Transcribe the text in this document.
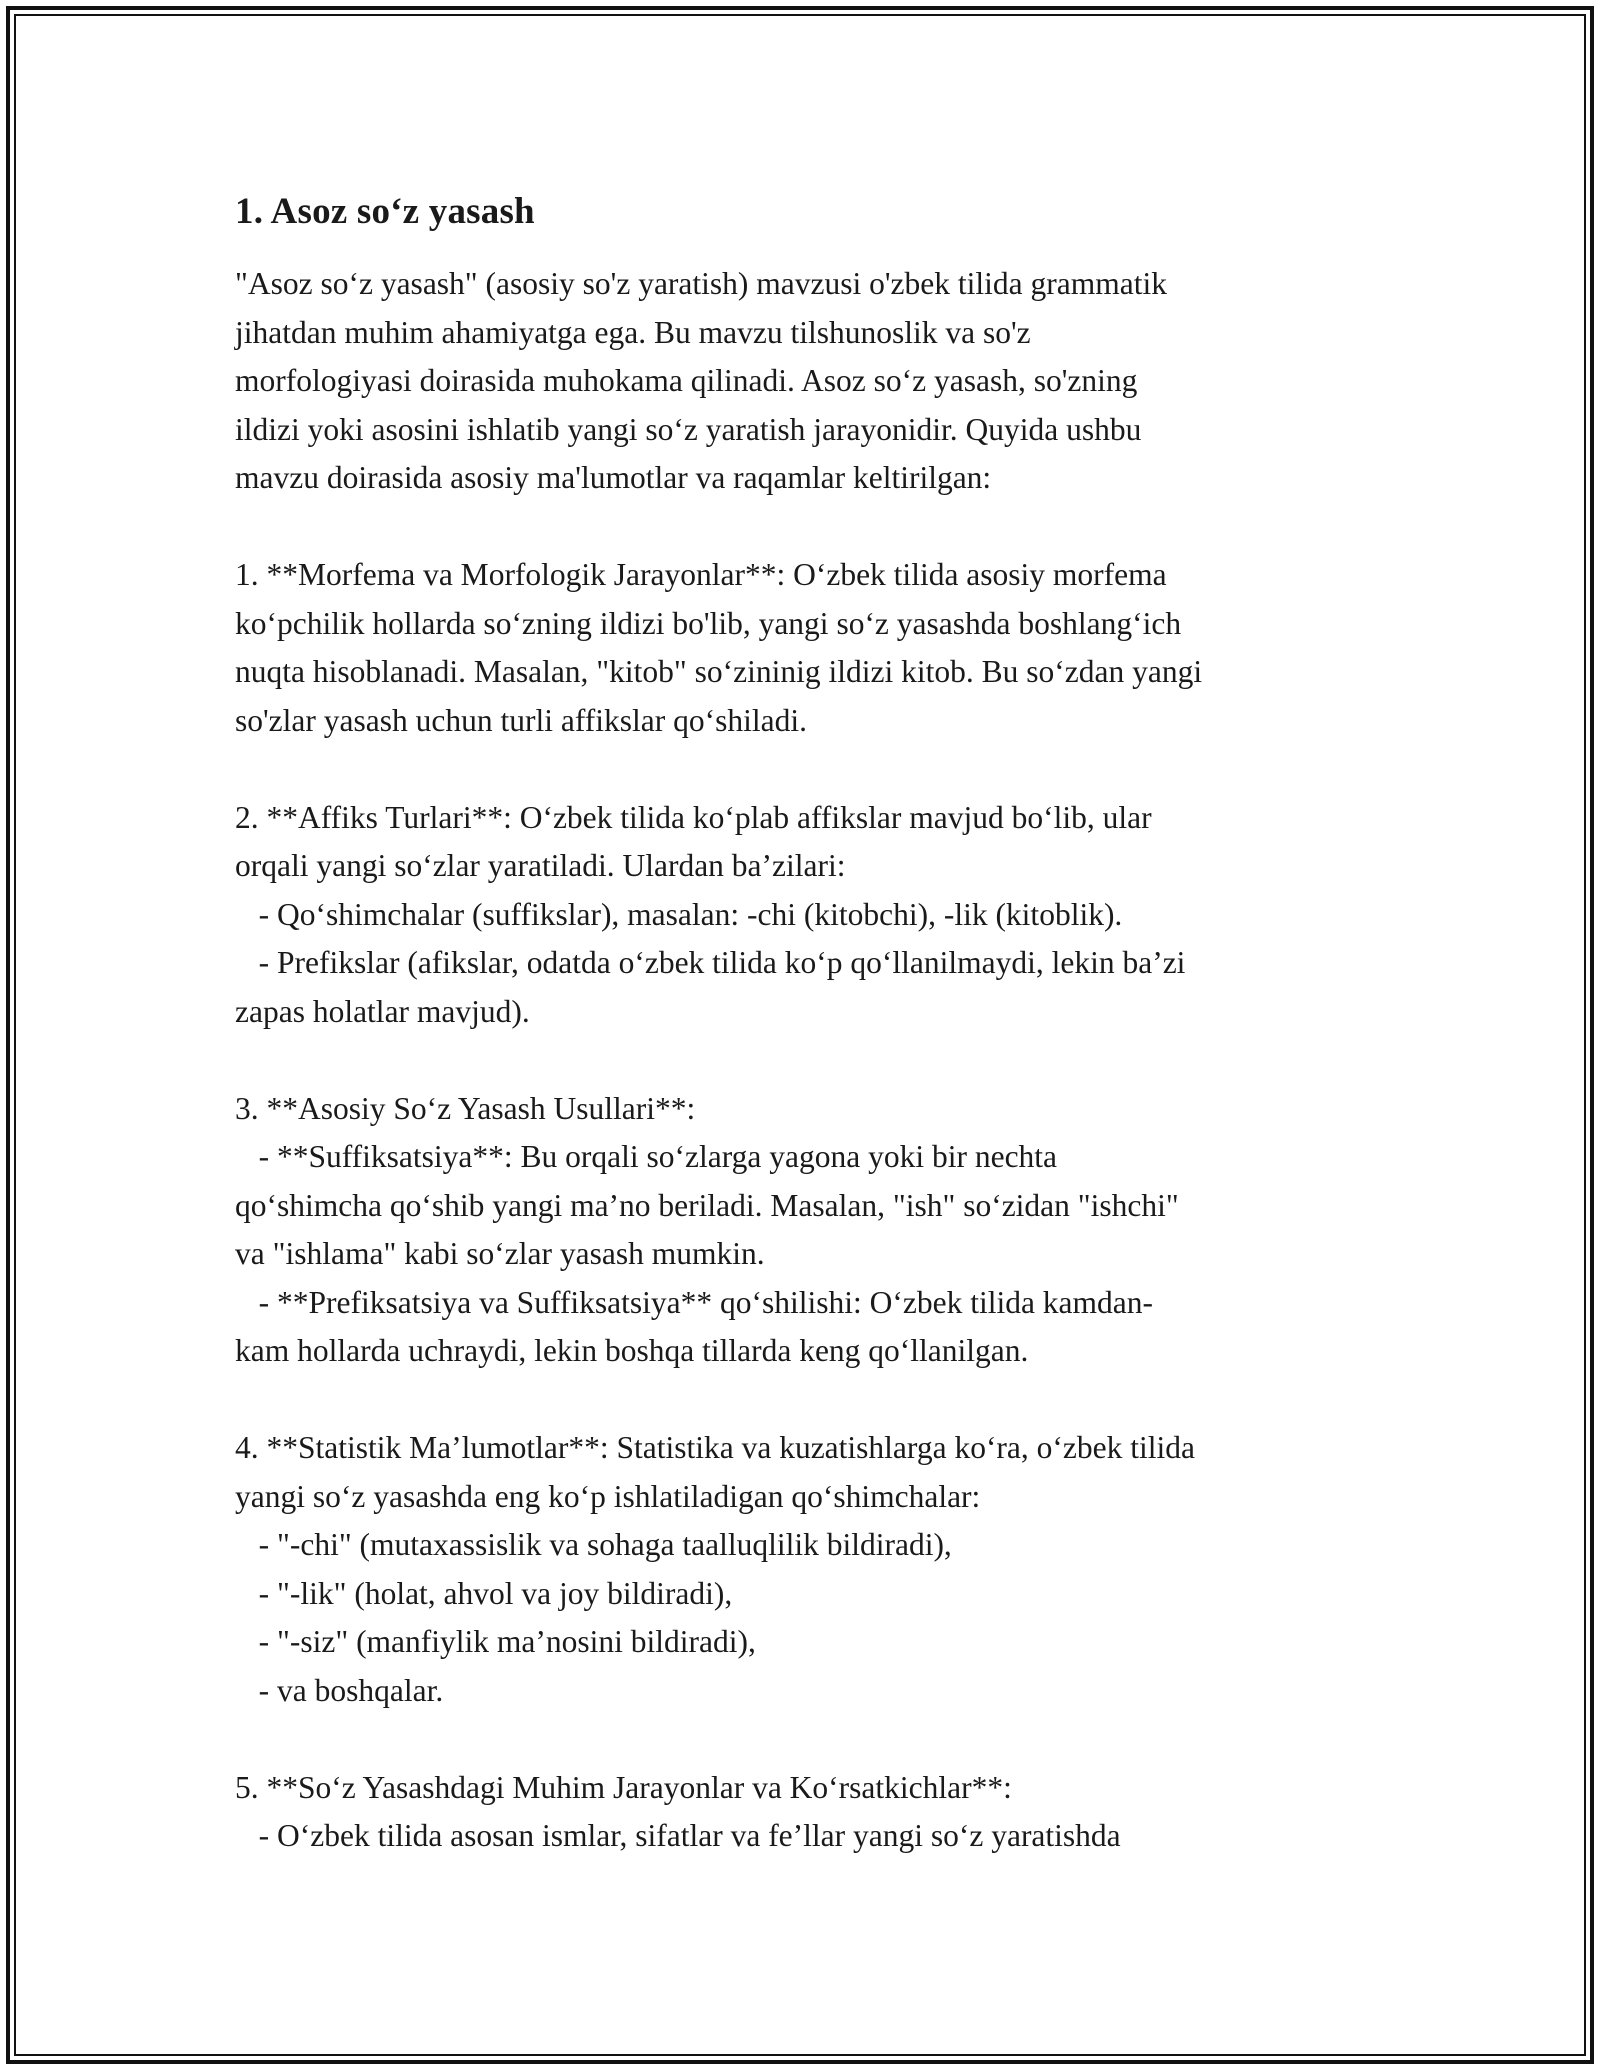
1. Asoz so‘z yasash
"Asoz so‘z yasash" (asosiy so'z yaratish) mavzusi o'zbek tilida grammatik
jihatdan muhim ahamiyatga ega. Bu mavzu tilshunoslik va so'z
morfologiyasi doirasida muhokama qilinadi. Asoz so‘z yasash, so'zning
ildizi yoki asosini ishlatib yangi so‘z yaratish jarayonidir. Quyida ushbu
mavzu doirasida asosiy ma'lumotlar va raqamlar keltirilgan:
1. **Morfema va Morfologik Jarayonlar**: O‘zbek tilida asosiy morfema
ko‘pchilik hollarda so‘zning ildizi bo'lib, yangi so‘z yasashda boshlang‘ich
nuqta hisoblanadi. Masalan, "kitob" so‘zininig ildizi kitob. Bu so‘zdan yangi
so'zlar yasash uchun turli affikslar qo‘shiladi.
2. **Affiks Turlari**: O‘zbek tilida ko‘plab affikslar mavjud bo‘lib, ular
orqali yangi so‘zlar yaratiladi. Ulardan ba’zilari:
- Qo‘shimchalar (suffikslar), masalan: -chi (kitobchi), -lik (kitoblik).
- Prefikslar (afikslar, odatda o‘zbek tilida ko‘p qo‘llanilmaydi, lekin ba’zi
zapas holatlar mavjud).
3. **Asosiy So‘z Yasash Usullari**:
- **Suffiksatsiya**: Bu orqali so‘zlarga yagona yoki bir nechta
qo‘shimcha qo‘shib yangi ma’no beriladi. Masalan, "ish" so‘zidan "ishchi"
va "ishlama" kabi so‘zlar yasash mumkin.
- **Prefiksatsiya va Suffiksatsiya** qo‘shilishi: O‘zbek tilida kamdan-
kam hollarda uchraydi, lekin boshqa tillarda keng qo‘llanilgan.
4. **Statistik Ma’lumotlar**: Statistika va kuzatishlarga ko‘ra, o‘zbek tilida
yangi so‘z yasashda eng ko‘p ishlatiladigan qo‘shimchalar:
- "-chi" (mutaxassislik va sohaga taalluqlilik bildiradi),
- "-lik" (holat, ahvol va joy bildiradi),
- "-siz" (manfiylik ma’nosini bildiradi),
- va boshqalar.
5. **So‘z Yasashdagi Muhim Jarayonlar va Ko‘rsatkichlar**:
- O‘zbek tilida asosan ismlar, sifatlar va fe’llar yangi so‘z yaratishda
